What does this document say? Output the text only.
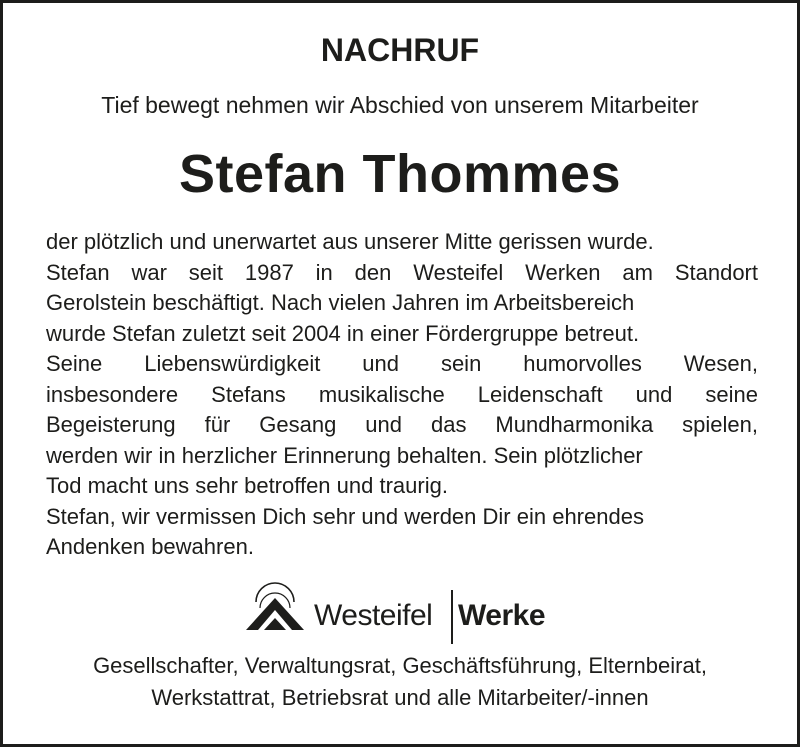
NACHRUF
Tief bewegt nehmen wir Abschied von unserem Mitarbeiter
Stefan Thommes
der plötzlich und unerwartet aus unserer Mitte gerissen wurde.
Stefan war seit 1987 in den Westeifel Werken am Standort
Gerolstein beschäftigt. Nach vielen Jahren im Arbeitsbereich
wurde Stefan zuletzt seit 2004 in einer Fördergruppe betreut.
Seine Liebenswürdigkeit und sein humorvolles Wesen,
insbesondere Stefans musikalische Leidenschaft und seine
Begeisterung für Gesang und das Mundharmonika spielen,
werden wir in herzlicher Erinnerung behalten. Sein plötzlicher
Tod macht uns sehr betroffen und traurig.
Stefan, wir vermissen Dich sehr und werden Dir ein ehrendes
Andenken bewahren.
Westeifel Werke
Gesellschafter, Verwaltungsrat, Geschäftsführung, Elternbeirat,
Werkstattrat, Betriebsrat und alle Mitarbeiter/-innen
